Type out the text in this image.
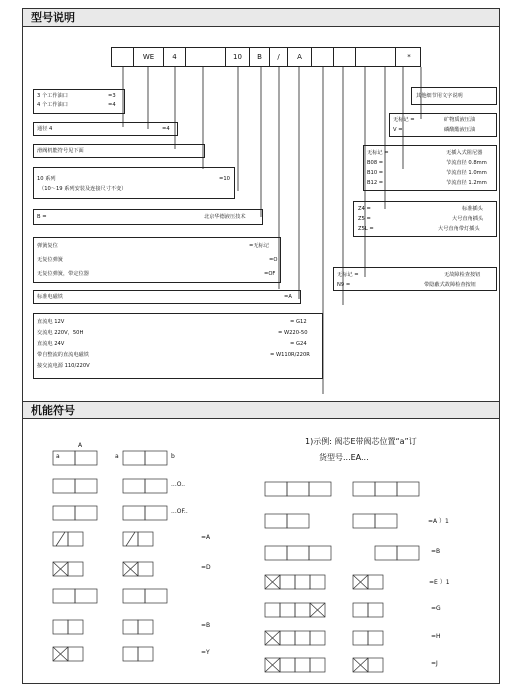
型号说明
WE	4	10	B	/	A	*
3 个工作油口	=3
4 个工作油口	=4
通径 4	=4
滑阀机能符号见下面
10 系列	=10
（10～19 系列安装及连接尺寸不变）
B =	北京华德液压技术
弹簧复位	=无标记
无复位弹簧	=O
无复位弹簧，带定位器	=OF
标准电磁铁	=A
直流电 12V	= G12
交流电 220V，50H	= W220-50
直流电 24V	= G24
带自整流的直流电磁铁	= W110R/220R
接交流电源 110/220V
其他细节用文字说明
无标记 =	矿物质液压油
V =	磷酸酯液压油
无标记 =	无插入式阻尼器
B08 =	节流直径 0.8mm
B10 =	节流直径 1.0mm
B12 =	节流直径 1.2mm
Z4 =	标准插头
Z5 =	大号直角插头
Z5L =	大号直角带灯插头
无标记 =	无故障检查按钮
N9 =	带隐蔽式故障检查按钮
机能符号
1)示例: 阀芯E带阀芯位置“a”订
货型号...EA...
a
A
a	b
...O..
...OF..
=A
=D
=B
=Y
=A ）1
=B
=E ）1
=G
=H
=J
